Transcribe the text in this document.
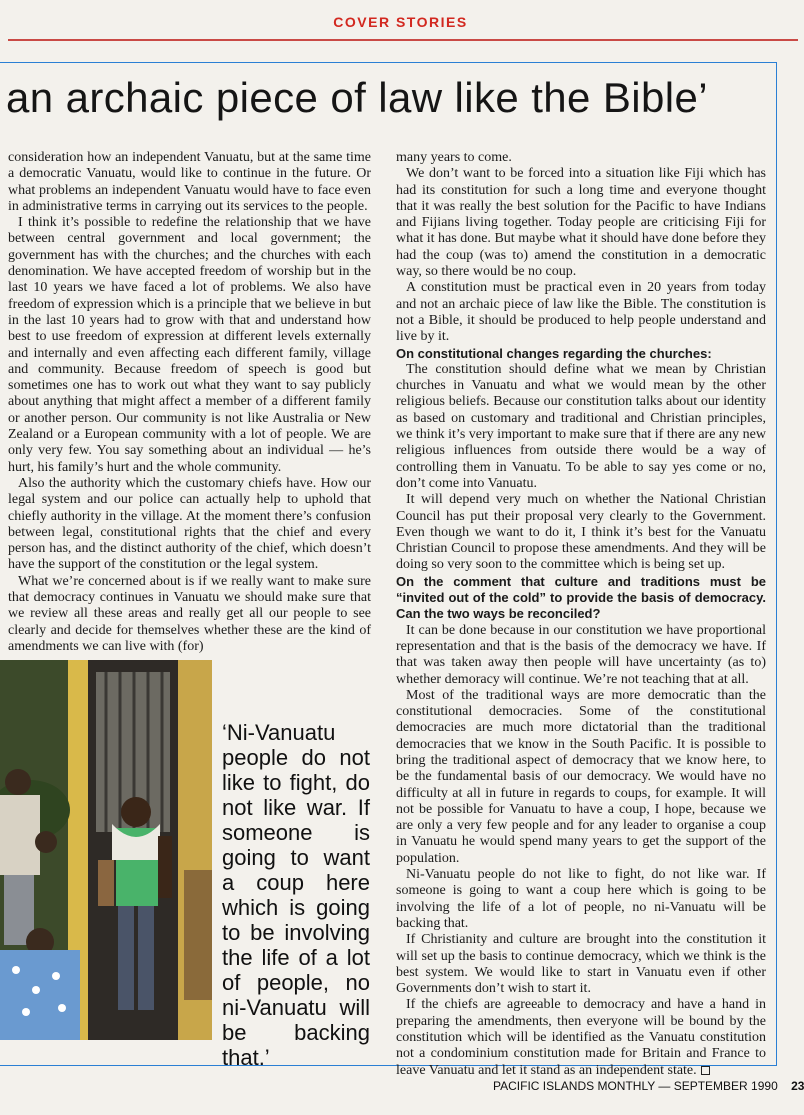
COVER STORIES
an archaic piece of law like the Bible’

consideration how an independent Vanuatu, but at the same time a democratic Vanuatu, would like to continue in the future. Or what problems an independent Vanuatu would have to face even in administrative terms in carrying out its services to the people.

I think it’s possible to redefine the relationship that we have between central government and local government; the government has with the churches; and the churches with each denomination. We have accepted freedom of worship but in the last 10 years we have faced a lot of problems. We also have freedom of expression which is a principle that we believe in but in the last 10 years had to grow with that and understand how best to use freedom of expression at different levels externally and internally and even affecting each different family, village and community. Because freedom of speech is good but sometimes one has to work out what they want to say publicly about anything that might affect a member of a different family or another person. Our community is not like Australia or New Zealand or a European community with a lot of people. We are only very few. You say something about an individual — he’s hurt, his family’s hurt and the whole community.

Also the authority which the customary chiefs have. How our legal system and our police can actually help to uphold that chiefly authority in the village. At the moment there’s confusion between legal, constitutional rights that the chief and every person has, and the distinct authority of the chief, which doesn’t have the support of the constitution or the legal system.

What we’re concerned about is if we really want to make sure that democracy continues in Vanuatu we should make sure that we review all these areas and really get all our people to see clearly and decide for themselves whether these are the kind of amendments we can live with (for)

‘Ni-Vanuatu people do not like to fight, do not like war. If someone is going to want a coup here which is going to be involving the life of a lot of people, no ni-Vanuatu will be backing that.’

many years to come.

We don’t want to be forced into a situation like Fiji which has had its constitution for such a long time and everyone thought that it was really the best solution for the Pacific to have Indians and Fijians living together. Today people are criticising Fiji for what it has done. But maybe what it should have done before they had the coup (was to) amend the constitution in a democratic way, so there would be no coup.

A constitution must be practical even in 20 years from today and not an archaic piece of law like the Bible. The constitution is not a Bible, it should be produced to help people understand and live by it.

On constitutional changes regarding the churches:

The constitution should define what we mean by Christian churches in Vanuatu and what we would mean by the other religious beliefs. Because our constitution talks about our identity as based on customary and traditional and Christian principles, we think it’s very important to make sure that if there are any new religious influences from outside there would be a way of controlling them in Vanuatu. To be able to say yes come or no, don’t come into Vanuatu.

It will depend very much on whether the National Christian Council has put their proposal very clearly to the Government. Even though we want to do it, I think it’s best for the Vanuatu Christian Council to propose these amendments. And they will be doing so very soon to the committee which is being set up.

On the comment that culture and traditions must be “invited out of the cold” to provide the basis of democracy. Can the two ways be reconciled?

It can be done because in our constitution we have proportional representation and that is the basis of the democracy we have. If that was taken away then people will have uncertainty (as to) whether demoracy will continue. We’re not teaching that at all.

Most of the traditional ways are more democratic than the constitutional democracies. Some of the constitutional democracies are much more dictatorial than the traditional democracies that we know in the South Pacific. It is possible to bring the traditional aspect of democracy that we know here, to be the fundamental basis of our democracy. We would have no difficulty at all in future in regards to coups, for example. It will not be possible for Vanuatu to have a coup, I hope, because we are only a very few people and for any leader to organise a coup in Vanuatu he would spend many years to get the support of the population.

Ni-Vanuatu people do not like to fight, do not like war. If someone is going to want a coup here which is going to be involving the life of a lot of people, no ni-Vanuatu will be backing that.

If Christianity and culture are brought into the constitution it will set up the basis to continue democracy, which we think is the best system. We would like to start in Vanuatu even if other Governments don’t wish to start it.

If the chiefs are agreeable to democracy and have a hand in preparing the amendments, then everyone will be bound by the constitution which will be identified as the Vanuatu constitution not a condominium constitution made for Britain and France to leave Vanuatu and let it stand as an independent state.

PACIFIC ISLANDS MONTHLY — SEPTEMBER 1990 23
